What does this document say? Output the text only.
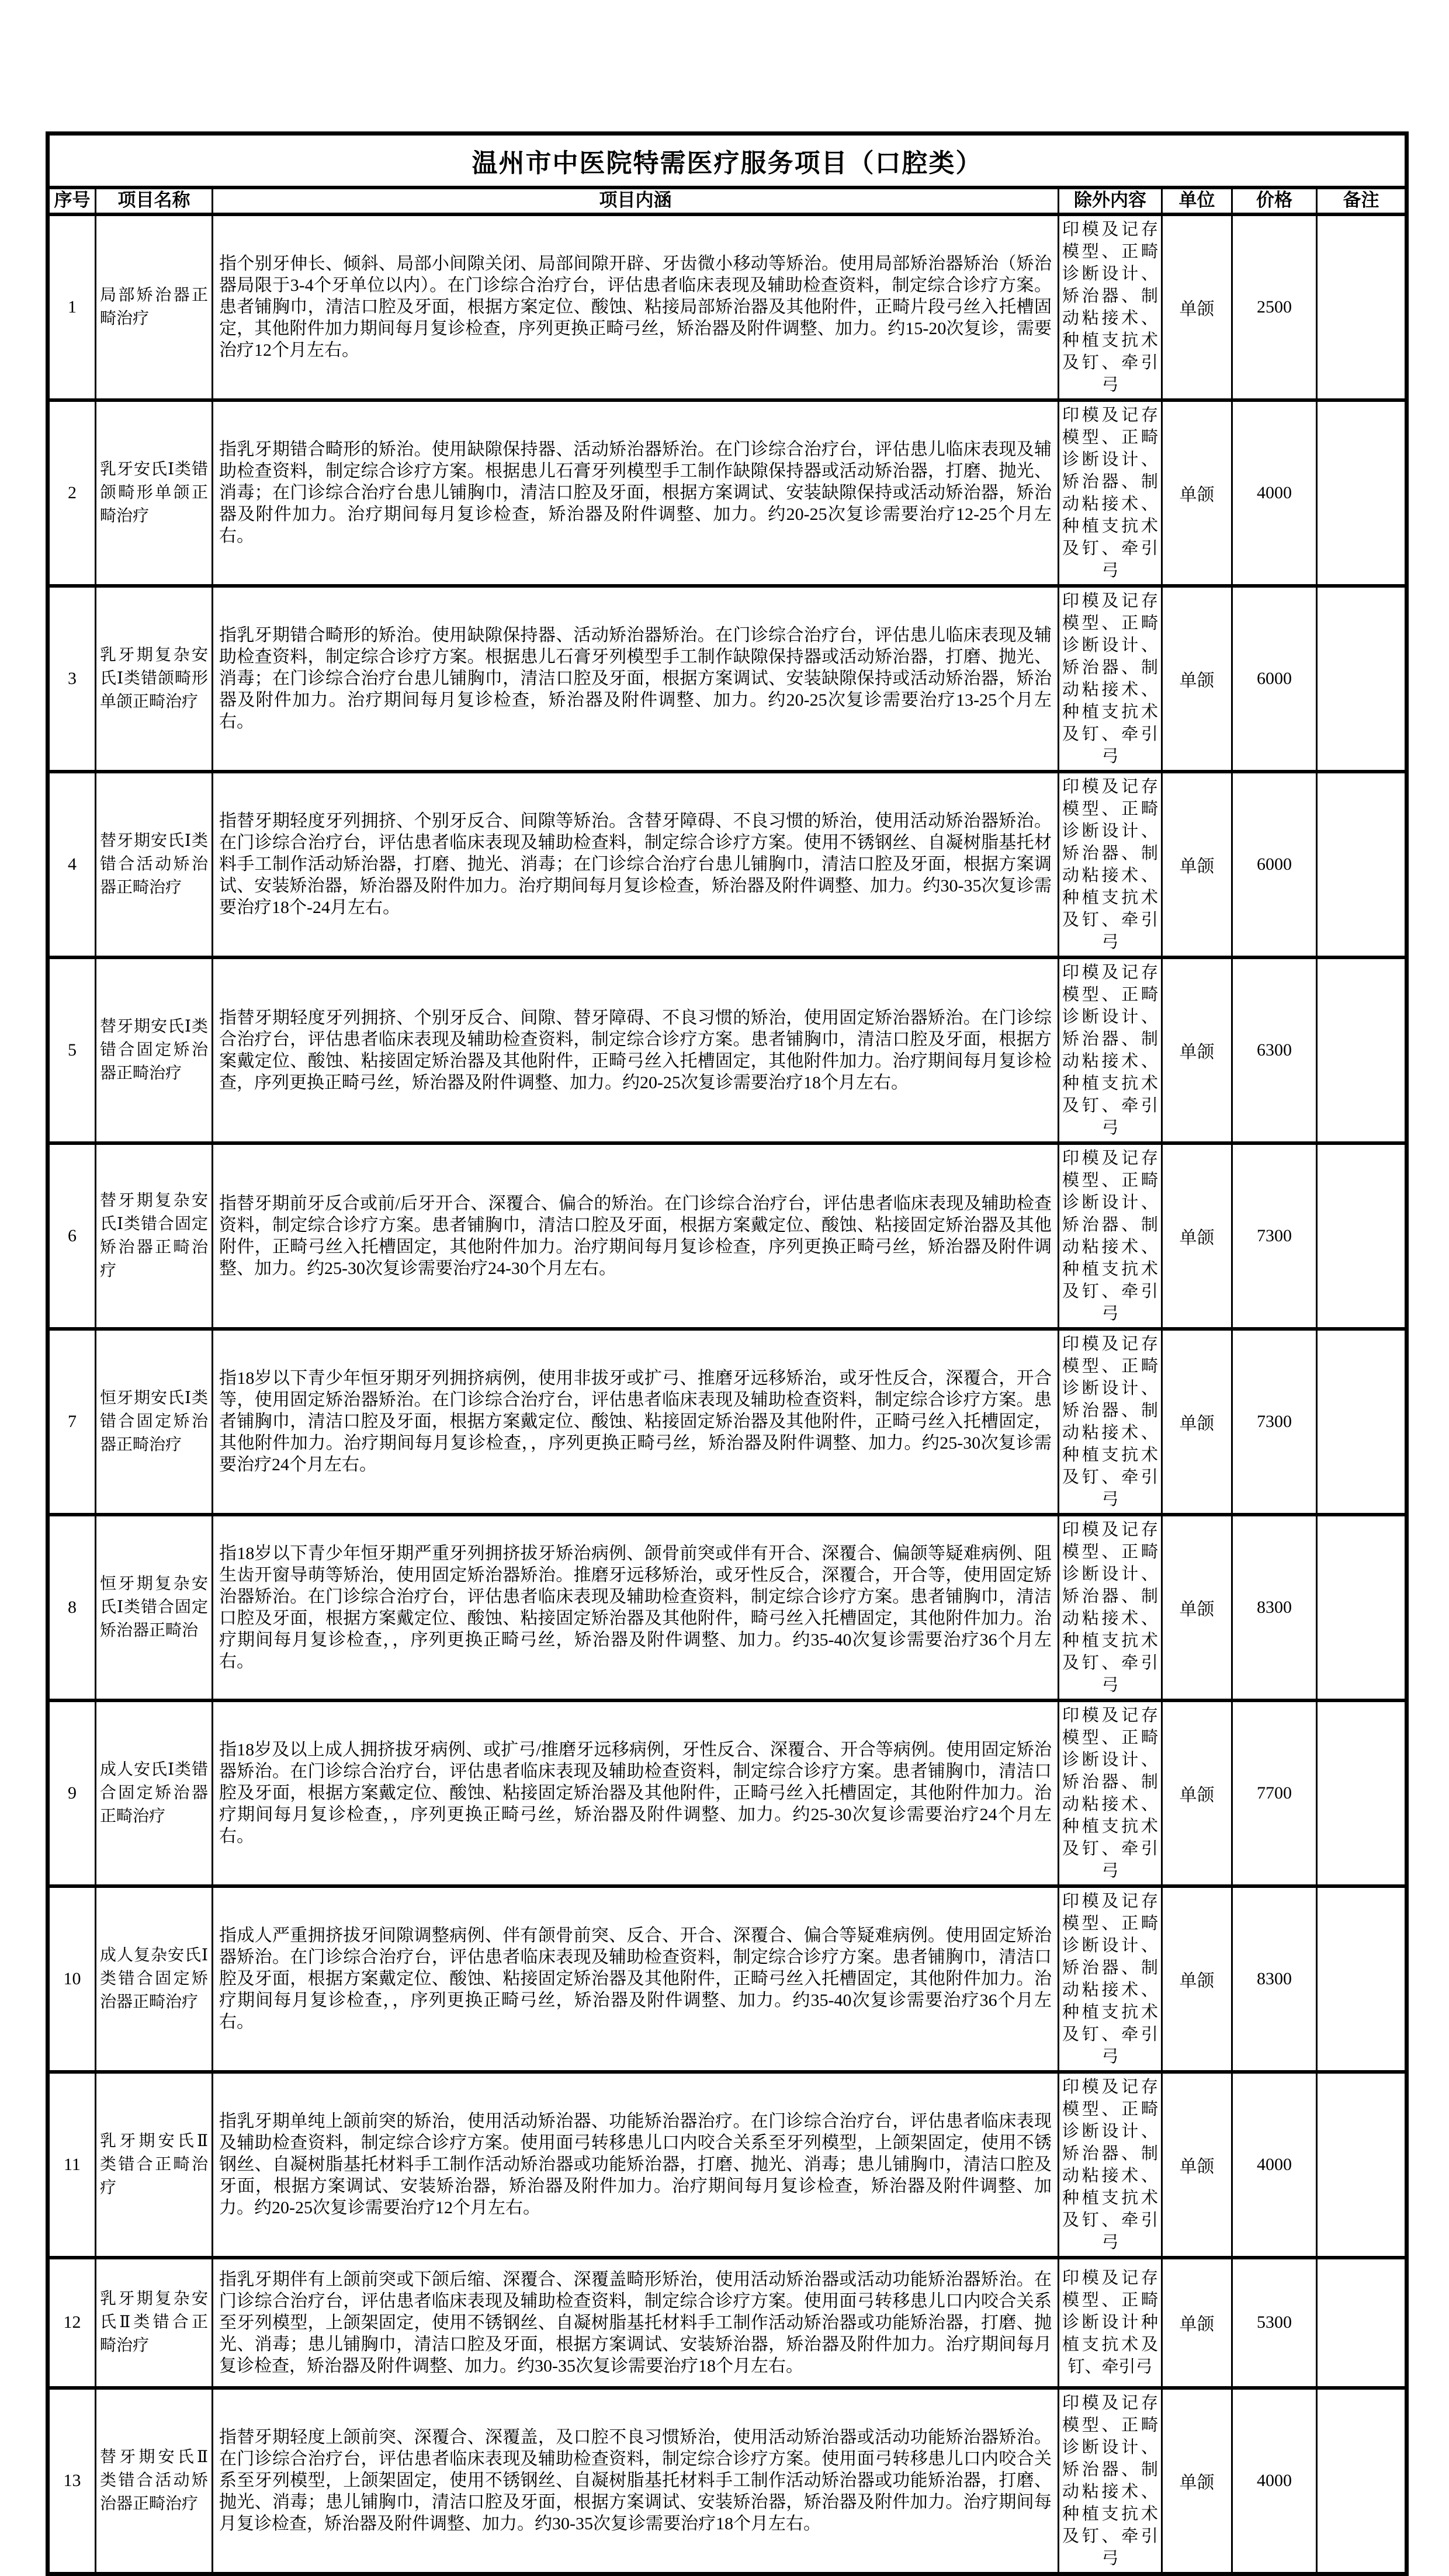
温州市中医院特需医疗服务项目（口腔类）						
序号	项目名称	项目内涵	除外内容	单位	价格	备注
1	局部矫治器正畸治疗	指个别牙伸长、倾斜、局部小间隙关闭、局部间隙开辟、牙齿微小移动等矫治。使用局部矫治器矫治（矫治器局限于3-4个牙单位以内）。在门诊综合治疗台，评估患者临床表现及辅助检查资料，制定综合诊疗方案。患者铺胸巾，清洁口腔及牙面，根据方案定位、酸蚀、粘接局部矫治器及其他附件，正畸片段弓丝入托槽固定，其他附件加力期间每月复诊检查，序列更换正畸弓丝，矫治器及附件调整、加力。约15-20次复诊，需要治疗12个月左右。	印模及记存模型、正畸诊断设计、矫治器、制动粘接术、种植支抗术及钉、牵引弓	单颌	2500	
2	乳牙安氏Ⅰ类错颌畸形单颌正畸治疗	指乳牙期错合畸形的矫治。使用缺隙保持器、活动矫治器矫治。在门诊综合治疗台，评估患儿临床表现及辅助检查资料，制定综合诊疗方案。根据患儿石膏牙列模型手工制作缺隙保持器或活动矫治器，打磨、抛光、消毒；在门诊综合治疗台患儿铺胸巾，清洁口腔及牙面，根据方案调试、安装缺隙保持或活动矫治器，矫治器及附件加力。治疗期间每月复诊检查，矫治器及附件调整、加力。约20-25次复诊需要治疗12-25个月左右。	印模及记存模型、正畸诊断设计、矫治器、制动粘接术、种植支抗术及钉、牵引弓	单颌	4000	
3	乳牙期复杂安氏Ⅰ类错颌畸形单颌正畸治疗	指乳牙期错合畸形的矫治。使用缺隙保持器、活动矫治器矫治。在门诊综合治疗台，评估患儿临床表现及辅助检查资料，制定综合诊疗方案。根据患儿石膏牙列模型手工制作缺隙保持器或活动矫治器，打磨、抛光、消毒；在门诊综合治疗台患儿铺胸巾，清洁口腔及牙面，根据方案调试、安装缺隙保持或活动矫治器，矫治器及附件加力。治疗期间每月复诊检查，矫治器及附件调整、加力。约20-25次复诊需要治疗13-25个月左右。	印模及记存模型、正畸诊断设计、矫治器、制动粘接术、种植支抗术及钉、牵引弓	单颌	6000	
4	替牙期安氏Ⅰ类错合活动矫治器正畸治疗	指替牙期轻度牙列拥挤、个别牙反合、间隙等矫治。含替牙障碍、不良习惯的矫治，使用活动矫治器矫治。在门诊综合治疗台，评估患者临床表现及辅助检查料，制定综合诊疗方案。使用不锈钢丝、自凝树脂基托材料手工制作活动矫治器，打磨、抛光、消毒；在门诊综合治疗台患儿铺胸巾，清洁口腔及牙面，根据方案调试、安装矫治器，矫治器及附件加力。治疗期间每月复诊检查，矫治器及附件调整、加力。约30-35次复诊需要治疗18个-24月左右。	印模及记存模型、正畸诊断设计、矫治器、制动粘接术、种植支抗术及钉、牵引弓	单颌	6000	
5	替牙期安氏Ⅰ类错合固定矫治器正畸治疗	指替牙期轻度牙列拥挤、个别牙反合、间隙、替牙障碍、不良习惯的矫治，使用固定矫治器矫治。在门诊综合治疗台，评估患者临床表现及辅助检查资料，制定综合诊疗方案。患者铺胸巾，清洁口腔及牙面，根据方案戴定位、酸蚀、粘接固定矫治器及其他附件，正畸弓丝入托槽固定，其他附件加力。治疗期间每月复诊检查，序列更换正畸弓丝，矫治器及附件调整、加力。约20-25次复诊需要治疗18个月左右。	印模及记存模型、正畸诊断设计、矫治器、制动粘接术、种植支抗术及钉、牵引弓	单颌	6300	
6	替牙期复杂安氏Ⅰ类错合固定矫治器正畸治疗	指替牙期前牙反合或前/后牙开合、深覆合、偏合的矫治。在门诊综合治疗台，评估患者临床表现及辅助检查资料，制定综合诊疗方案。患者铺胸巾，清洁口腔及牙面，根据方案戴定位、酸蚀、粘接固定矫治器及其他附件，正畸弓丝入托槽固定，其他附件加力。治疗期间每月复诊检查，序列更换正畸弓丝，矫治器及附件调整、加力。约25-30次复诊需要治疗24-30个月左右。	印模及记存模型、正畸诊断设计、矫治器、制动粘接术、种植支抗术及钉、牵引弓	单颌	7300	
7	恒牙期安氏Ⅰ类错合固定矫治器正畸治疗	指18岁以下青少年恒牙期牙列拥挤病例，使用非拔牙或扩弓、推磨牙远移矫治，或牙性反合，深覆合，开合等，使用固定矫治器矫治。在门诊综合治疗台，评估患者临床表现及辅助检查资料，制定综合诊疗方案。患者铺胸巾，清洁口腔及牙面，根据方案戴定位、酸蚀、粘接固定矫治器及其他附件，正畸弓丝入托槽固定，其他附件加力。治疗期间每月复诊检查，，序列更换正畸弓丝，矫治器及附件调整、加力。约25-30次复诊需要治疗24个月左右。	印模及记存模型、正畸诊断设计、矫治器、制动粘接术、种植支抗术及钉、牵引弓	单颌	7300	
8	恒牙期复杂安氏Ⅰ类错合固定矫治器正畸治	指18岁以下青少年恒牙期严重牙列拥挤拔牙矫治病例、颌骨前突或伴有开合、深覆合、偏颌等疑难病例、阻生齿开窗导萌等矫治，使用固定矫治器矫治。推磨牙远移矫治，或牙性反合，深覆合，开合等，使用固定矫治器矫治。在门诊综合治疗台，评估患者临床表现及辅助检查资料，制定综合诊疗方案。患者铺胸巾，清洁口腔及牙面，根据方案戴定位、酸蚀、粘接固定矫治器及其他附件，畸弓丝入托槽固定，其他附件加力。治疗期间每月复诊检查，，序列更换正畸弓丝，矫治器及附件调整、加力。约35-40次复诊需要治疗36个月左右。	印模及记存模型、正畸诊断设计、矫治器、制动粘接术、种植支抗术及钉、牵引弓	单颌	8300	
9	成人安氏Ⅰ类错合固定矫治器正畸治疗	指18岁及以上成人拥挤拔牙病例、或扩弓/推磨牙远移病例，牙性反合、深覆合、开合等病例。使用固定矫治器矫治。在门诊综合治疗台，评估患者临床表现及辅助检查资料，制定综合诊疗方案。患者铺胸巾，清洁口腔及牙面，根据方案戴定位、酸蚀、粘接固定矫治器及其他附件，正畸弓丝入托槽固定，其他附件加力。治疗期间每月复诊检查，，序列更换正畸弓丝，矫治器及附件调整、加力。约25-30次复诊需要治疗24个月左右。	印模及记存模型、正畸诊断设计、矫治器、制动粘接术、种植支抗术及钉、牵引弓	单颌	7700	
10	成人复杂安氏Ⅰ类错合固定矫治器正畸治疗	指成人严重拥挤拔牙间隙调整病例、伴有颌骨前突、反合、开合、深覆合、偏合等疑难病例。使用固定矫治器矫治。在门诊综合治疗台，评估患者临床表现及辅助检查资料，制定综合诊疗方案。患者铺胸巾，清洁口腔及牙面，根据方案戴定位、酸蚀、粘接固定矫治器及其他附件，正畸弓丝入托槽固定，其他附件加力。治疗期间每月复诊检查，，序列更换正畸弓丝，矫治器及附件调整、加力。约35-40次复诊需要治疗36个月左右。	印模及记存模型、正畸诊断设计、矫治器、制动粘接术、种植支抗术及钉、牵引弓	单颌	8300	
11	乳牙期安氏Ⅱ类错合正畸治疗	指乳牙期单纯上颌前突的矫治，使用活动矫治器、功能矫治器治疗。在门诊综合治疗台，评估患者临床表现及辅助检查资料，制定综合诊疗方案。使用面弓转移患儿口内咬合关系至牙列模型，上颌架固定，使用不锈钢丝、自凝树脂基托材料手工制作活动矫治器或功能矫治器，打磨、抛光、消毒；患儿铺胸巾，清洁口腔及牙面，根据方案调试、安装矫治器，矫治器及附件加力。治疗期间每月复诊检查，矫治器及附件调整、加力。约20-25次复诊需要治疗12个月左右。	印模及记存模型、正畸诊断设计、矫治器、制动粘接术、种植支抗术及钉、牵引弓	单颌	4000	
12	乳牙期复杂安氏Ⅱ类错合正畸治疗	指乳牙期伴有上颌前突或下颌后缩、深覆合、深覆盖畸形矫治，使用活动矫治器或活动功能矫治器矫治。在门诊综合治疗台，评估患者临床表现及辅助检查资料，制定综合诊疗方案。使用面弓转移患儿口内咬合关系至牙列模型，上颌架固定，使用不锈钢丝、自凝树脂基托材料手工制作活动矫治器或功能矫治器，打磨、抛光、消毒；患儿铺胸巾，清洁口腔及牙面，根据方案调试、安装矫治器，矫治器及附件加力。治疗期间每月复诊检查，矫治器及附件调整、加力。约30-35次复诊需要治疗18个月左右。	印模及记存模型、正畸诊断设计种植支抗术及钉、牵引弓	单颌	5300	
13	替牙期安氏Ⅱ类错合活动矫治器正畸治疗	指替牙期轻度上颌前突、深覆合、深覆盖，及口腔不良习惯矫治，使用活动矫治器或活动功能矫治器矫治。在门诊综合治疗台，评估患者临床表现及辅助检查资料，制定综合诊疗方案。使用面弓转移患儿口内咬合关系至牙列模型，上颌架固定，使用不锈钢丝、自凝树脂基托材料手工制作活动矫治器或功能矫治器，打磨、抛光、消毒；患儿铺胸巾，清洁口腔及牙面，根据方案调试、安装矫治器，矫治器及附件加力。治疗期间每月复诊检查，矫治器及附件调整、加力。约30-35次复诊需要治疗18个月左右。	印模及记存模型、正畸诊断设计、矫治器、制动粘接术、种植支抗术及钉、牵引弓	单颌	4000	
